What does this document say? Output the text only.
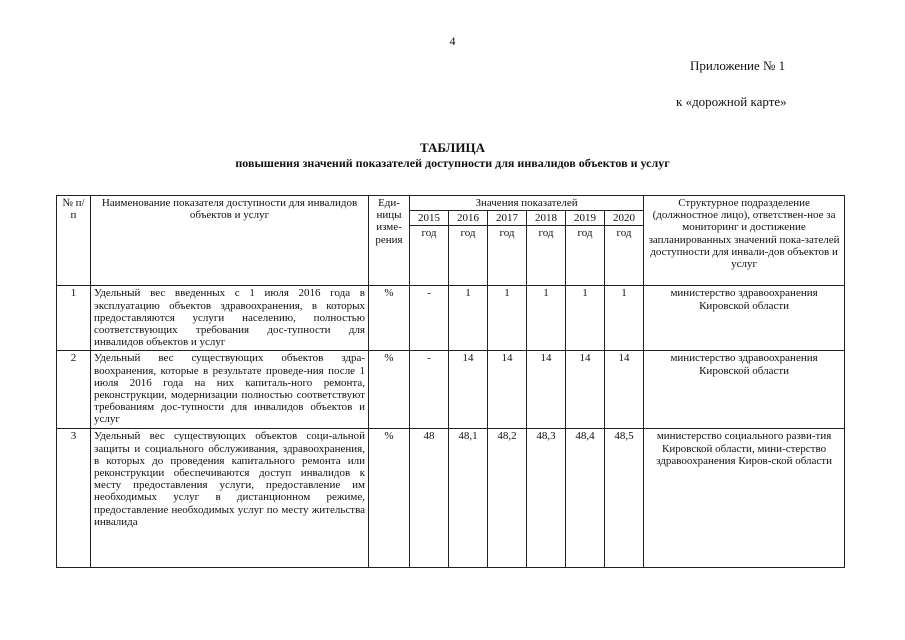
4
Приложение № 1
к «дорожной карте»
ТАБЛИЦА
повышения значений показателей доступности для инвалидов объектов и услуг
№ п/п	Наименование показателя доступности для инвалидов объектов и услуг	Еди-ницы изме-рения	Значения показателей						Структурное подразделение (должностное лицо), ответствен-ное за мониторинг и достижение запланированных значений пока-зателей доступности для инвали-дов объектов и услуг
			2015	2016	2017	2018	2019	2020	
			год	год	год	год	год	год	
1	Удельный вес введенных с 1 июля 2016 года в эксплуатацию объектов здравоохранения, в которых предоставляются услуги населению, полностью соответствующих требования дос-тупности для инвалидов объектов и услуг	%	-	1	1	1	1	1	министерство здравоохранения Кировской области
2	Удельный вес существующих объектов здра-воохранения, которые в результате проведе-ния после 1 июля 2016 года на них капиталь-ного ремонта, реконструкции, модернизации полностью соответствуют требованиям дос-тупности для инвалидов объектов и услуг	%	-	14	14	14	14	14	министерство здравоохранения Кировской области
3	Удельный вес существующих объектов соци-альной защиты и социального обслуживания, здравоохранения, в которых до проведения капитального ремонта или реконструкции обеспечиваются доступ инвалидов к месту предоставления услуги, предоставление им необходимых услуг в дистанционном режиме, предоставление необходимых услуг по месту жительства инвалида	%	48	48,1	48,2	48,3	48,4	48,5	министерство социального разви-тия Кировской области, мини-стерство здравоохранения Киров-ской области
